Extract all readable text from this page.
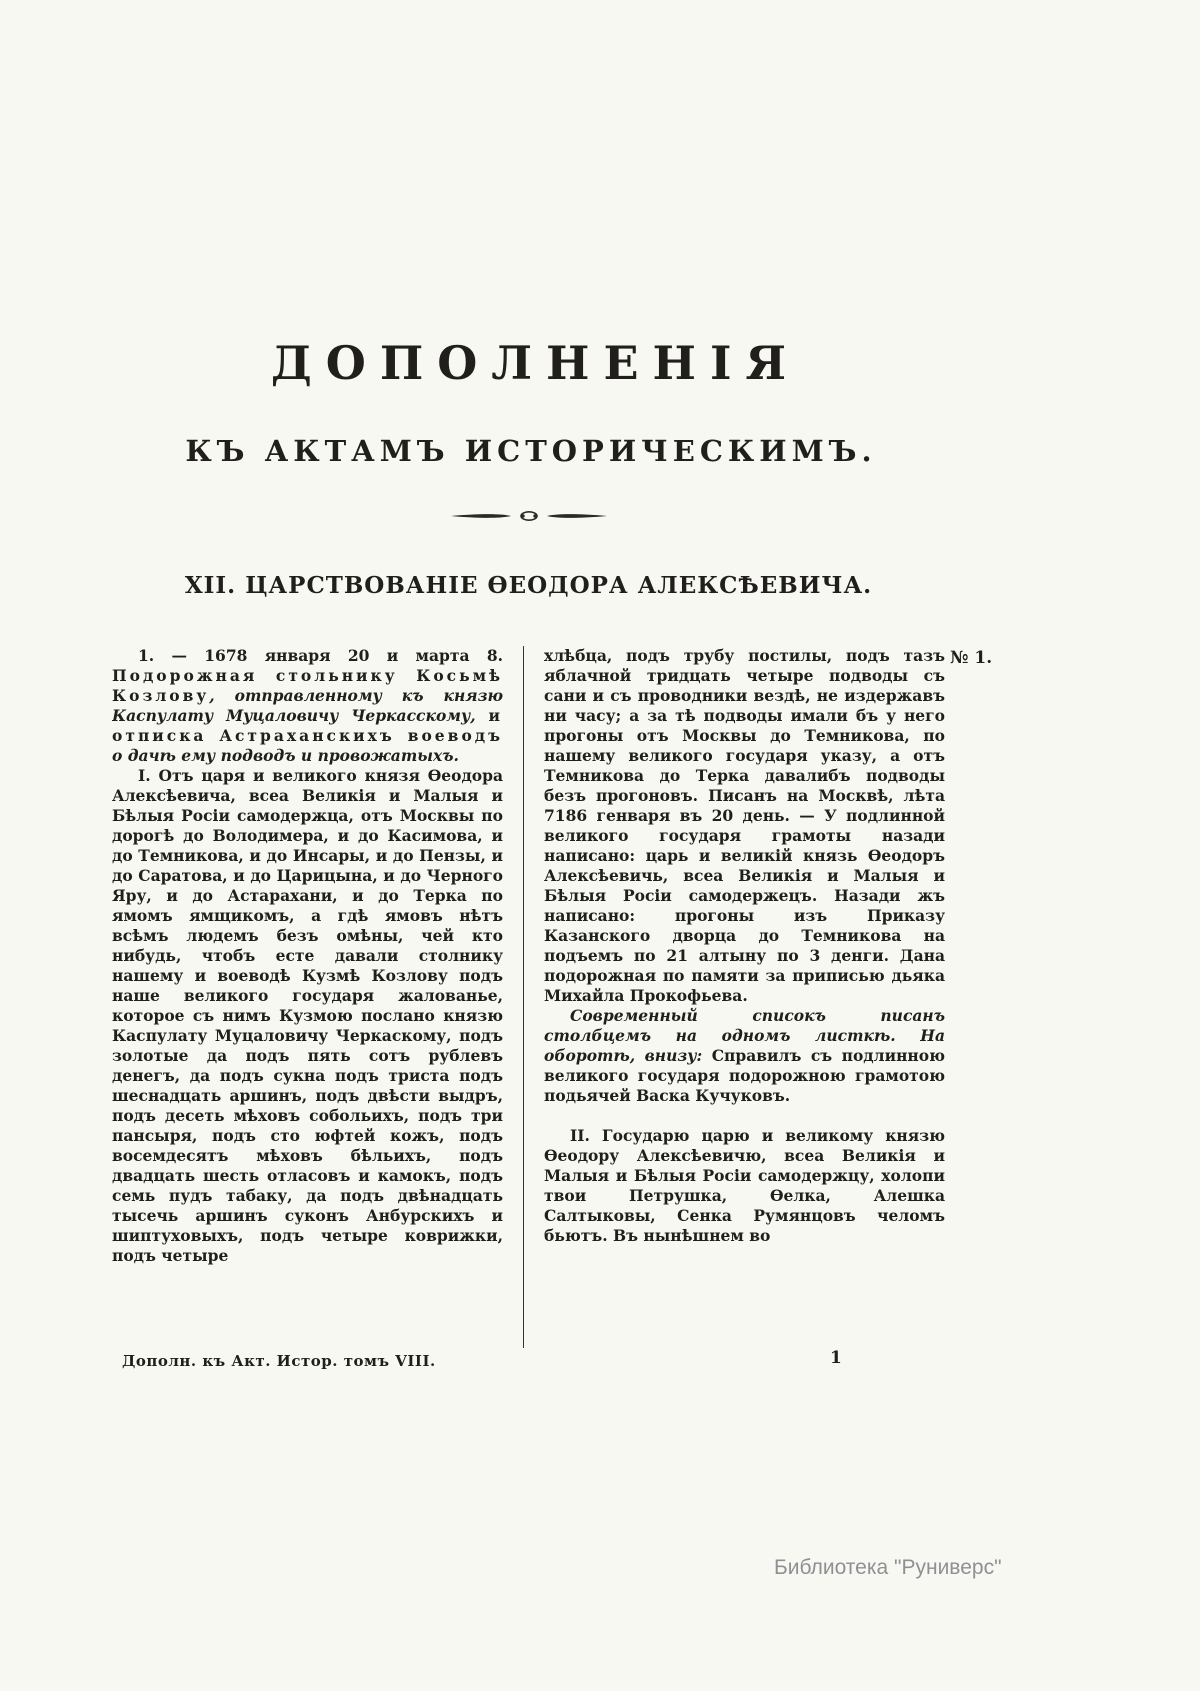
ДОПОЛНЕНІЯ
КЪ АКТАМЪ ИСТОРИЧЕСКИМЪ.
XII. ЦАРСТВОВАНІЕ ѲЕОДОРА АЛЕКСѢЕВИЧА.

1. — 1678 января 20 и марта 8. Подорожная стольнику Косьмѣ Козлову, отправленному къ князю Каспулату Муцаловичу Черкасскому, и отписка Астраханскихъ воеводъ о дачѣ ему подводъ и провожатыхъ.

I. Отъ царя и великого князя Ѳеодора Алексѣевича, всеа Великія и Малыя и Бѣлыя Росіи самодержца, отъ Москвы по дорогѣ до Володимера, и до Касимова, и до Темникова, и до Инсары, и до Пензы, и до Саратова, и до Царицына, и до Черного Яру, и до Астарахани, и до Терка по ямомъ ямщикомъ, а гдѣ ямовъ нѣтъ всѣмъ людемъ безъ омѣны, чей кто нибудь, чтобъ есте давали столнику нашему и воеводѣ Кузмѣ Козлову подъ наше великого государя жалованье, которое съ нимъ Кузмою послано князю Каспулату Муцаловичу Черкаскому, подъ золотые да подъ пять сотъ рублевъ денегъ, да подъ сукна подъ триста подъ шеснадцать аршинъ, подъ двѣсти выдръ, подъ десеть мѣховъ собольихъ, подъ три пансыря, подъ сто юфтей кожъ, подъ восемдесятъ мѣховъ бѣльихъ, подъ двадцать шесть отласовъ и камокъ, подъ семь пудъ табаку, да подъ двѣнадцать тысечь аршинъ суконъ Анбурскихъ и шиптуховыхъ, подъ четыре коврижки, подъ четыре

хлѣбца, подъ трубу постилы, подъ тазъ яблачной тридцать четыре подводы съ сани и съ проводники вездѣ, не издержавъ ни часу; а за тѣ подводы имали бъ у него прогоны отъ Москвы до Темникова, по нашему великого государя указу, а отъ Темникова до Терка давалибъ подводы безъ прогоновъ. Писанъ на Москвѣ, лѣта 7186 генваря въ 20 день. — У подлинной великого государя грамоты назади написано: царь и великій князь Ѳеодоръ Алексѣевичь, всеа Великія и Малыя и Бѣлыя Росіи самодержецъ. Назади жъ написано: прогоны изъ Приказу Казанского дворца до Темникова на подъемъ по 21 алтыну по 3 денги. Дана подорожная по памяти за приписью дьяка Михайла Прокофьева.

Современный списокъ писанъ столбцемъ на одномъ листкѣ. На оборотѣ, внизу: Справилъ съ подлинною великого государя подорожною грамотою подьячей Васка Кучуковъ.

II. Государю царю и великому князю Ѳеодору Алексѣевичю, всеа Великія и Малыя и Бѣлыя Росіи самодержцу, холопи твои Петрушка, Ѳелка, Алешка Салтыковы, Сенка Румянцовъ челомъ бьютъ. Въ нынѣшнем во

№ 1.
Дополн. къ Акт. Истор. томъ VIII.	1
Библиотека "Руниверс"
